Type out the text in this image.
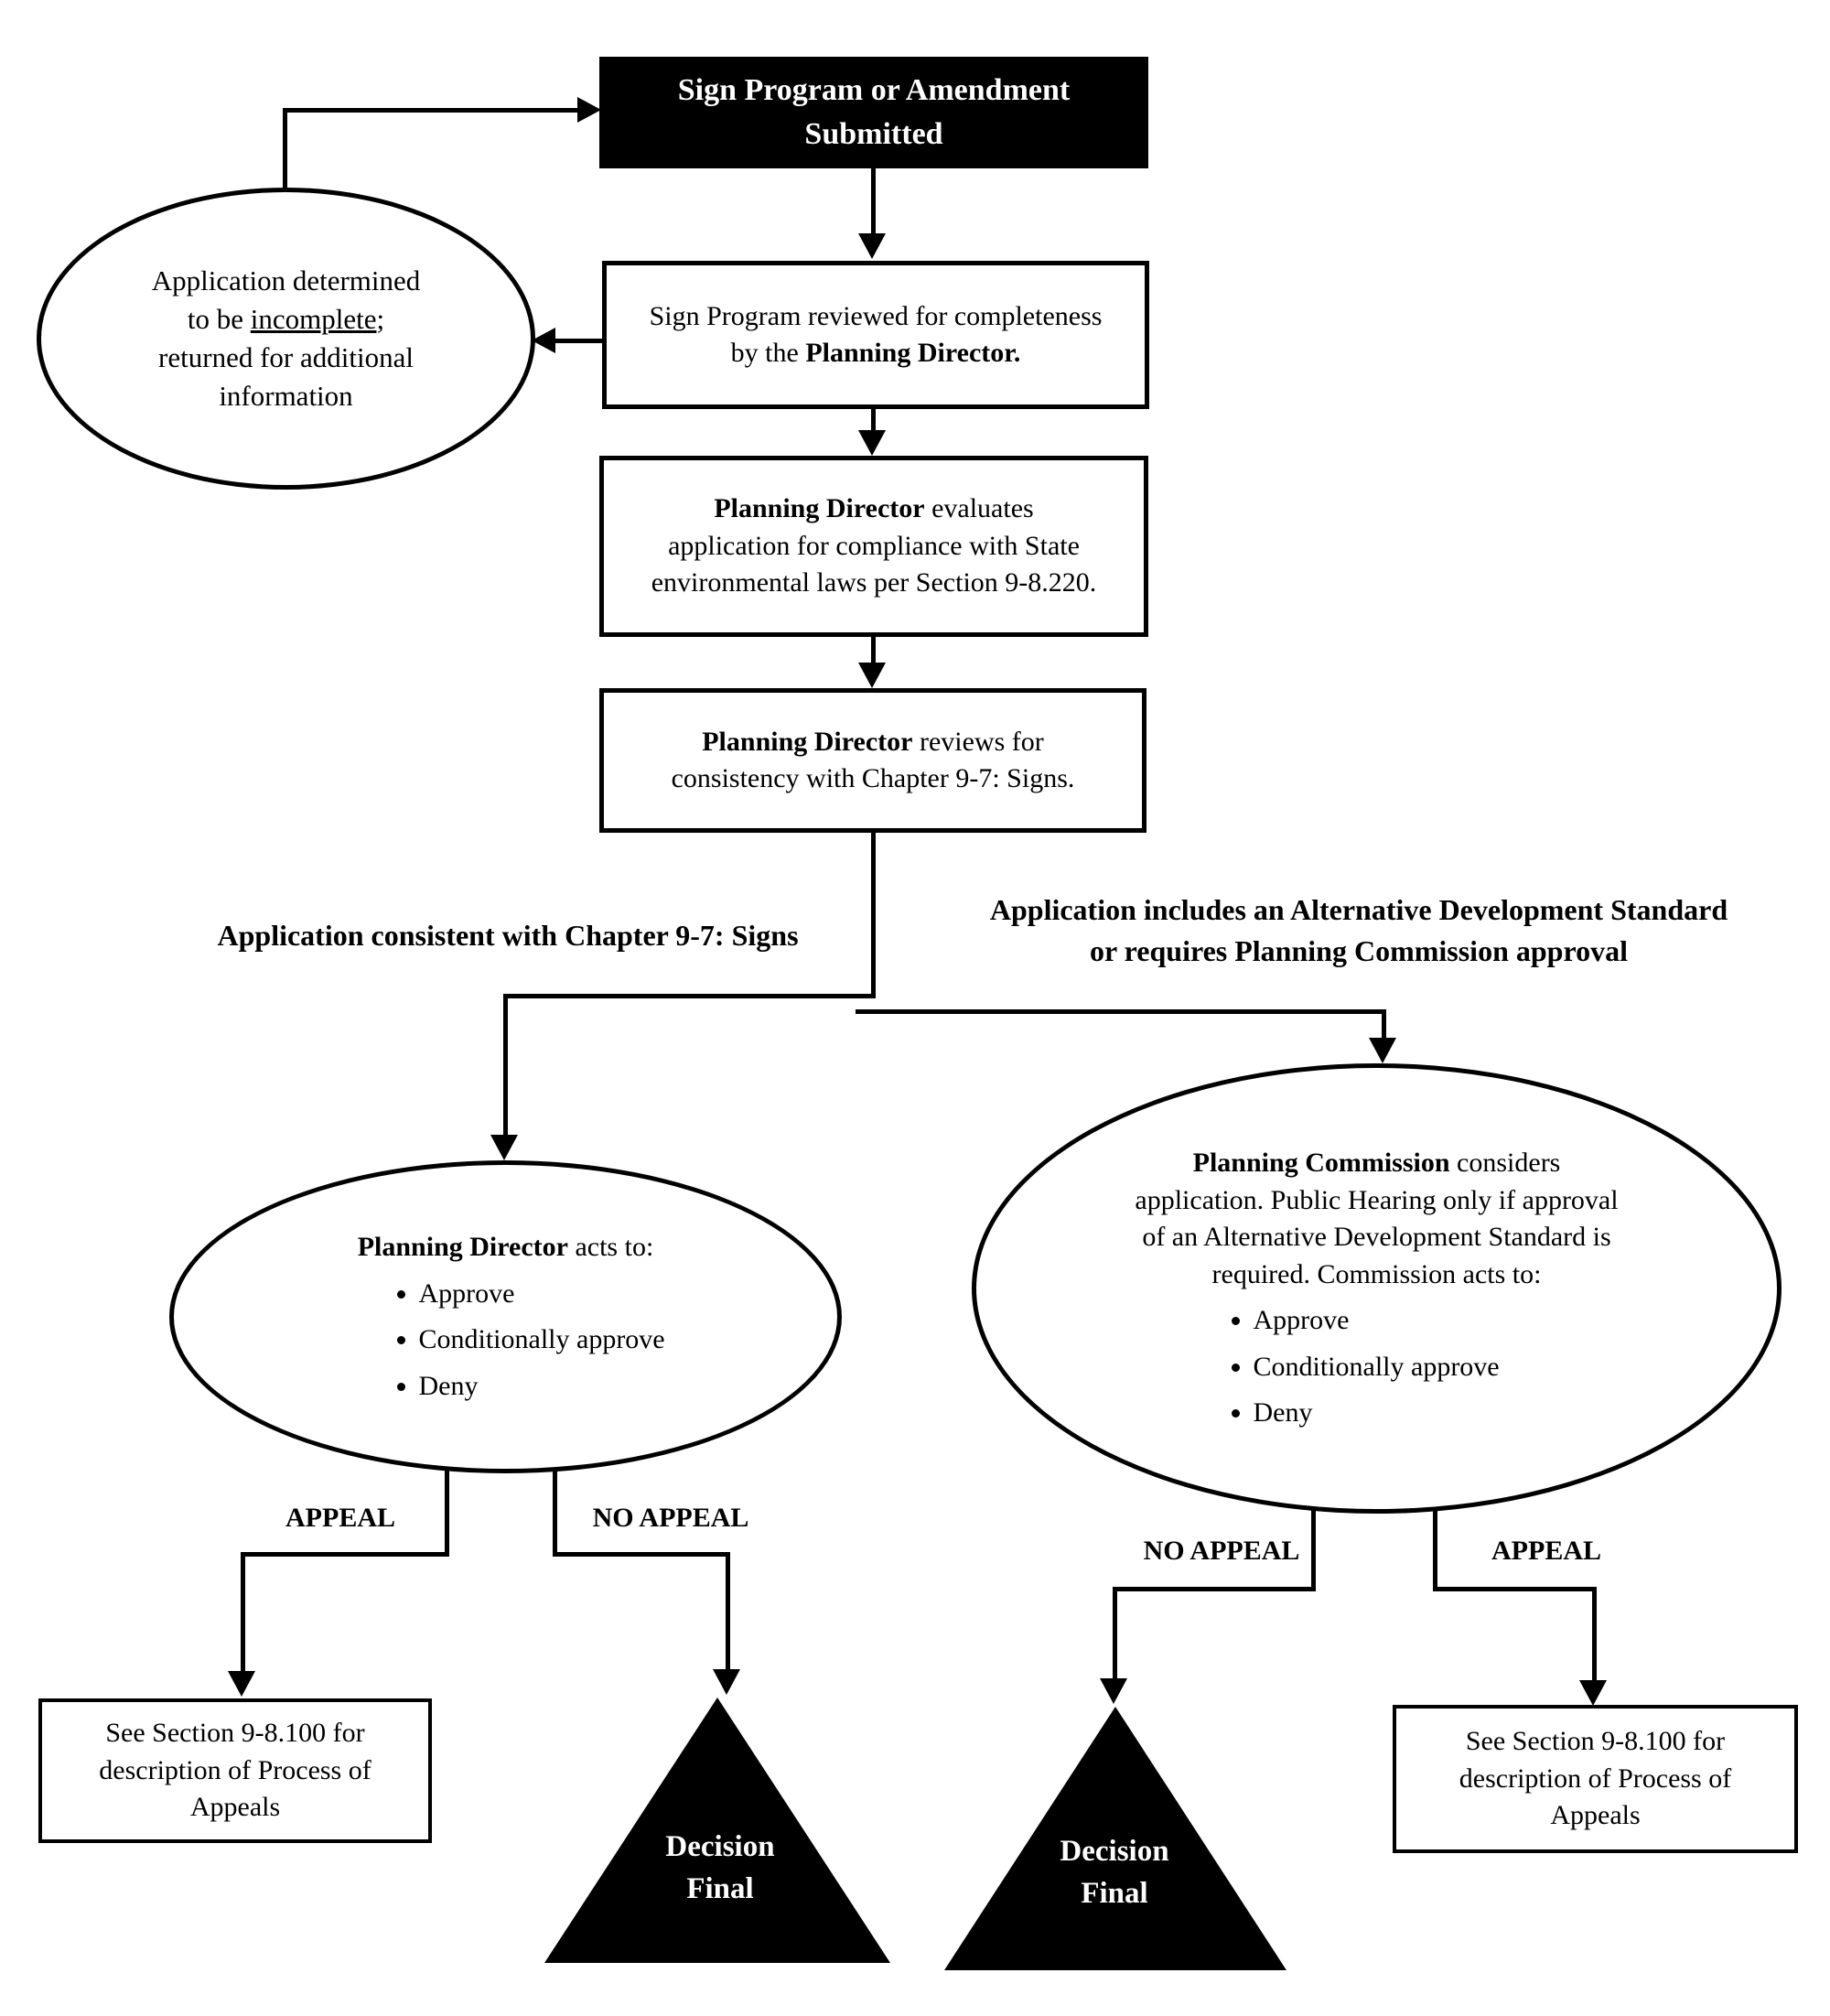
Sign Program or Amendment
Submitted
Application determined
to be incomplete;
returned for additional
information
Sign Program reviewed for completeness
by the Planning Director.
Planning Director evaluates
application for compliance with State
environmental laws per Section 9-8.220.
Planning Director reviews for
consistency with Chapter 9-7: Signs.
Application consistent with Chapter 9-7: Signs
Application includes an Alternative Development Standard
or requires Planning Commission approval
Planning Director acts to:
• Approve
• Conditionally approve
• Deny
Planning Commission considers
application. Public Hearing only if approval
of an Alternative Development Standard is
required. Commission acts to:
• Approve
• Conditionally approve
• Deny
APPEAL	NO APPEAL
NO APPEAL	APPEAL
See Section 9-8.100 for description of Process of Appeals
Decision
Final
Decision
Final
See Section 9-8.100 for description of Process of Appeals
